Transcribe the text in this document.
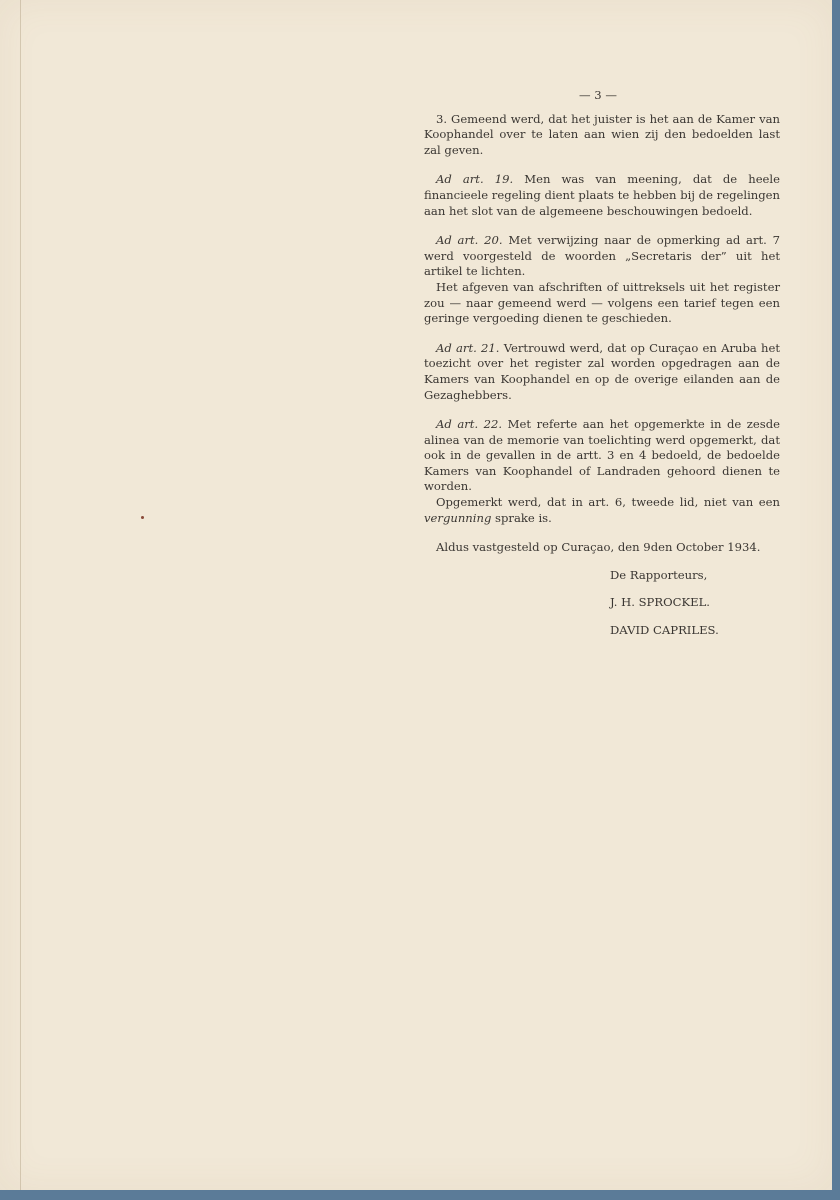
— 3 —

3. Gemeend werd, dat het juister is het aan de Kamer van Koophandel over te laten aan wien zij den bedoelden last zal geven.

Ad art. 19. Men was van meening, dat de heele financieele regeling dient plaats te hebben bij de regelingen aan het slot van de algemeene beschouwingen bedoeld.

Ad art. 20. Met verwijzing naar de opmerking ad art. 7 werd voorgesteld de woorden „Secretaris der” uit het artikel te lichten.

Het afgeven van afschriften of uittreksels uit het register zou — naar gemeend werd — volgens een tarief tegen een geringe vergoeding dienen te geschieden.

Ad art. 21. Vertrouwd werd, dat op Curaçao en Aruba het toezicht over het register zal worden opgedragen aan de Kamers van Koophandel en op de overige eilanden aan de Gezaghebbers.

Ad art. 22. Met referte aan het opgemerkte in de zesde alinea van de memorie van toelichting werd opgemerkt, dat ook in de gevallen in de artt. 3 en 4 bedoeld, de bedoelde Kamers van Koophandel of Landraden gehoord dienen te worden.

Opgemerkt werd, dat in art. 6, tweede lid, niet van een vergunning sprake is.

Aldus vastgesteld op Curaçao, den 9den October 1934.

De Rapporteurs,
J. H. SPROCKEL.
DAVID CAPRILES.
